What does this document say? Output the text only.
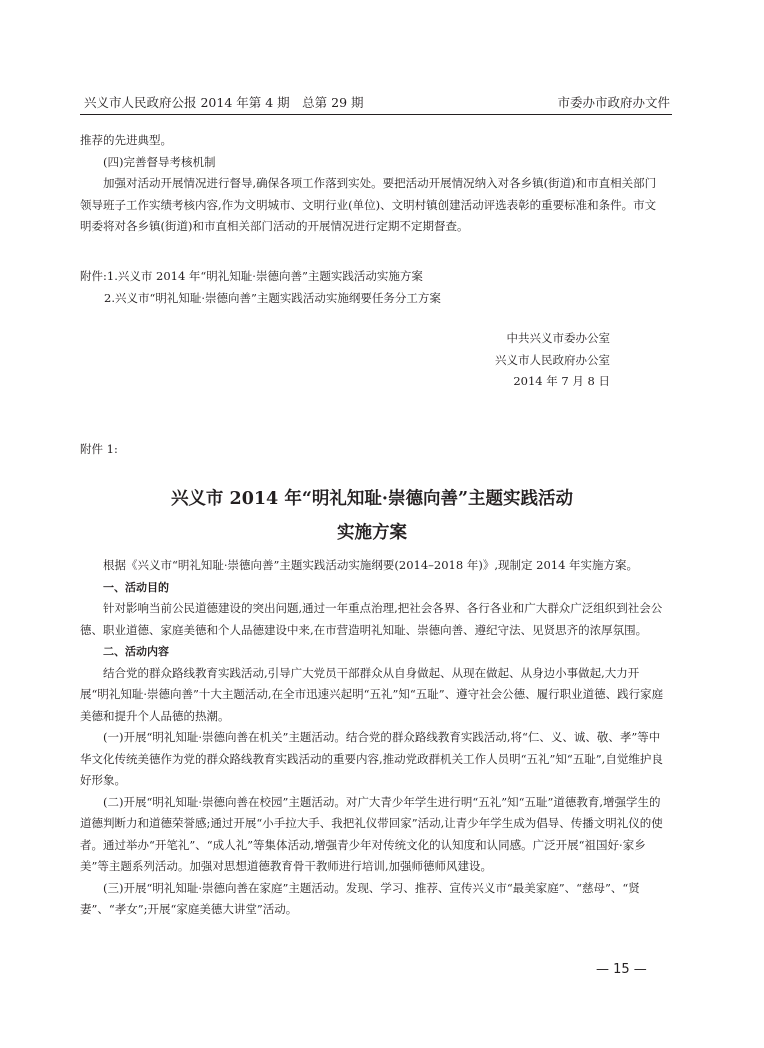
兴义市人民政府公报 2014 年第 4 期　总第 29 期	市委办市政府办文件

推荐的先进典型。

(四)完善督导考核机制

加强对活动开展情况进行督导,确保各项工作落到实处。要把活动开展情况纳入对各乡镇(街道)和市直相关部门领导班子工作实绩考核内容,作为文明城市、文明行业(单位)、文明村镇创建活动评选表彰的重要标准和条件。市文明委将对各乡镇(街道)和市直相关部门活动的开展情况进行定期不定期督查。

附件:1.兴义市 2014 年“明礼知耻·崇德向善”主题实践活动实施方案

2.兴义市“明礼知耻·崇德向善”主题实践活动实施纲要任务分工方案

中共兴义市委办公室
兴义市人民政府办公室
2014 年 7 月 8 日
附件 1:
兴义市 2014 年“明礼知耻·崇德向善”主题实践活动
实施方案

根据《兴义市“明礼知耻·崇德向善”主题实践活动实施纲要(2014–2018 年)》,现制定 2014 年实施方案。

一、活动目的

针对影响当前公民道德建设的突出问题,通过一年重点治理,把社会各界、各行各业和广大群众广泛组织到社会公德、职业道德、家庭美德和个人品德建设中来,在市营造明礼知耻、崇德向善、遵纪守法、见贤思齐的浓厚氛围。

二、活动内容

结合党的群众路线教育实践活动,引导广大党员干部群众从自身做起、从现在做起、从身边小事做起,大力开展“明礼知耻·崇德向善”十大主题活动,在全市迅速兴起明“五礼”知“五耻”、遵守社会公德、履行职业道德、践行家庭美德和提升个人品德的热潮。

(一)开展“明礼知耻·崇德向善在机关”主题活动。结合党的群众路线教育实践活动,将“仁、义、诚、敬、孝”等中华文化传统美德作为党的群众路线教育实践活动的重要内容,推动党政群机关工作人员明“五礼”知“五耻”,自觉维护良好形象。

(二)开展“明礼知耻·崇德向善在校园”主题活动。对广大青少年学生进行明“五礼”知“五耻”道德教育,增强学生的道德判断力和道德荣誉感;通过开展“小手拉大手、我把礼仪带回家”活动,让青少年学生成为倡导、传播文明礼仪的使者。通过举办“开笔礼”、“成人礼”等集体活动,增强青少年对传统文化的认知度和认同感。广泛开展“祖国好·家乡美”等主题系列活动。加强对思想道德教育骨干教师进行培训,加强师德师风建设。

(三)开展“明礼知耻·崇德向善在家庭”主题活动。发现、学习、推荐、宣传兴义市“最美家庭”、“慈母”、“贤妻”、“孝女”;开展“家庭美德大讲堂”活动。

— 15 —
